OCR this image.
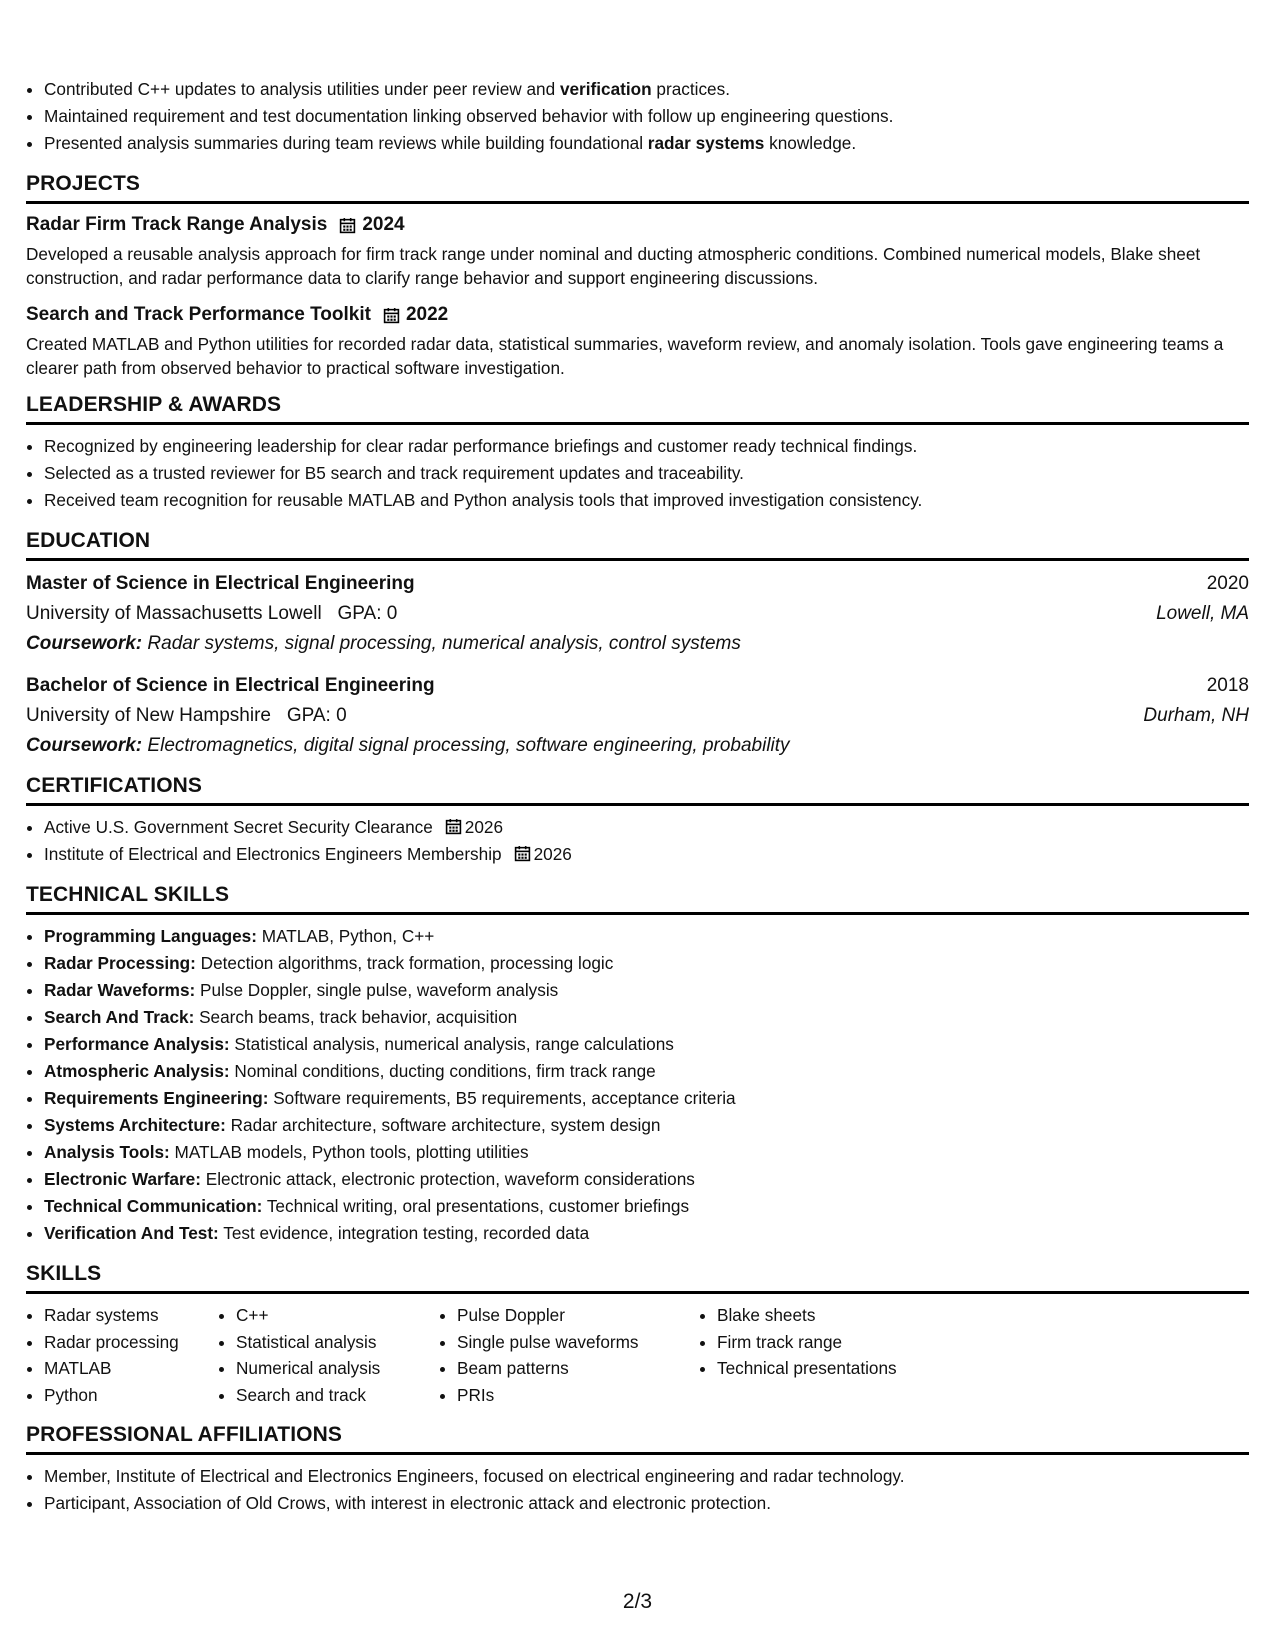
• Contributed C++ updates to analysis utilities under peer review and verification practices.
• Maintained requirement and test documentation linking observed behavior with follow up engineering questions.
• Presented analysis summaries during team reviews while building foundational radar systems knowledge.
PROJECTS
Radar Firm Track Range Analysis 2024
Developed a reusable analysis approach for firm track range under nominal and ducting atmospheric conditions. Combined numerical models, Blake sheet construction, and radar performance data to clarify range behavior and support engineering discussions.
Search and Track Performance Toolkit 2022
Created MATLAB and Python utilities for recorded radar data, statistical summaries, waveform review, and anomaly isolation. Tools gave engineering teams a clearer path from observed behavior to practical software investigation.
LEADERSHIP & AWARDS
• Recognized by engineering leadership for clear radar performance briefings and customer ready technical findings.
• Selected as a trusted reviewer for B5 search and track requirement updates and traceability.
• Received team recognition for reusable MATLAB and Python analysis tools that improved investigation consistency.
EDUCATION
Master of Science in Electrical Engineering	2020
University of Massachusetts Lowell GPA: 0	Lowell, MA
Coursework: Radar systems, signal processing, numerical analysis, control systems
Bachelor of Science in Electrical Engineering	2018
University of New Hampshire GPA: 0	Durham, NH
Coursework: Electromagnetics, digital signal processing, software engineering, probability
CERTIFICATIONS
• Active U.S. Government Secret Security Clearance 2026
• Institute of Electrical and Electronics Engineers Membership 2026
TECHNICAL SKILLS
• Programming Languages: MATLAB, Python, C++
• Radar Processing: Detection algorithms, track formation, processing logic
• Radar Waveforms: Pulse Doppler, single pulse, waveform analysis
• Search And Track: Search beams, track behavior, acquisition
• Performance Analysis: Statistical analysis, numerical analysis, range calculations
• Atmospheric Analysis: Nominal conditions, ducting conditions, firm track range
• Requirements Engineering: Software requirements, B5 requirements, acceptance criteria
• Systems Architecture: Radar architecture, software architecture, system design
• Analysis Tools: MATLAB models, Python tools, plotting utilities
• Electronic Warfare: Electronic attack, electronic protection, waveform considerations
• Technical Communication: Technical writing, oral presentations, customer briefings
• Verification And Test: Test evidence, integration testing, recorded data
SKILLS
• Radar systems
• Radar processing
• MATLAB
• Python
• C++
• Statistical analysis
• Numerical analysis
• Search and track
• Pulse Doppler
• Single pulse waveforms
• Beam patterns
• PRIs
• Blake sheets
• Firm track range
• Technical presentations
PROFESSIONAL AFFILIATIONS
• Member, Institute of Electrical and Electronics Engineers, focused on electrical engineering and radar technology.
• Participant, Association of Old Crows, with interest in electronic attack and electronic protection.
2/3
